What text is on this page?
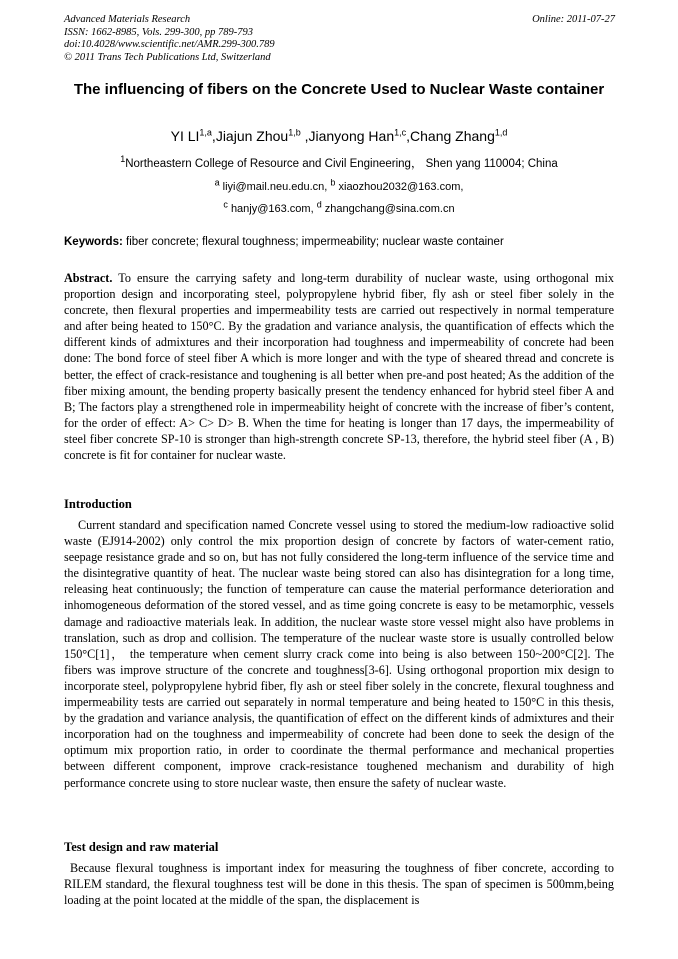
Advanced Materials Research
ISSN: 1662-8985, Vols. 299-300, pp 789-793
doi:10.4028/www.scientific.net/AMR.299-300.789
© 2011 Trans Tech Publications Ltd, Switzerland
Online: 2011-07-27
The influencing of fibers on the Concrete Used to Nuclear Waste container
YI LI$^{1,a}$,Jiajun Zhou$^{1,b}$ ,Jianyong Han$^{1,c}$,Chang Zhang$^{1,d}$
$^1$Northeastern College of Resource and Civil Engineering， Shen yang 110004; China
$^a$ liyi@mail.neu.edu.cn, $^b$ xiaozhou2032@163.com,
$^c$ hanjy@163.com, $^d$ zhangchang@sina.com.cn
Keywords: fiber concrete; flexural toughness; impermeability; nuclear waste container
Abstract. To ensure the carrying safety and long-term durability of nuclear waste, using orthogonal mix proportion design and incorporating steel, polypropylene hybrid fiber, fly ash or steel fiber solely in the concrete, then flexural properties and impermeability tests are carried out respectively in normal temperature and after being heated to 150°C. By the gradation and variance analysis, the quantification of effects which the different kinds of admixtures and their incorporation had toughness and impermeability of concrete had been done: The bond force of steel fiber A which is more longer and with the type of sheared thread and concrete is better, the effect of crack-resistance and toughening is all better when pre-and post heated; As the addition of the fiber mixing amount, the bending property basically present the tendency enhanced for hybrid steel fiber A and B; The factors play a strengthened role in impermeability height of concrete with the increase of fiber’s content, for the order of effect: A> C> D> B. When the time for heating is longer than 17 days, the impermeability of steel fiber concrete SP-10 is stronger than high-strength concrete SP-13, therefore, the hybrid steel fiber (A , B) concrete is fit for container for nuclear waste.
Introduction
Current standard and specification named Concrete vessel using to stored the medium-low radioactive solid waste (EJ914-2002) only control the mix proportion design of concrete by factors of water-cement ratio, seepage resistance grade and so on, but has not fully considered the long-term influence of the service time and the disintegrative quantity of heat. The nuclear waste being stored can also has disintegration for a long time, releasing heat continuously; the function of temperature can cause the material performance deterioration and inhomogeneous deformation of the stored vessel, and as time going concrete is easy to be metamorphic, vessels damage and radioactive materials leak. In addition, the nuclear waste store vessel might also have problems in translation, such as drop and collision. The temperature of the nuclear waste store is usually controlled below 150°C[1]， the temperature when cement slurry crack come into being is also between 150~200°C[2]. The fibers was improve structure of the concrete and toughness[3-6]. Using orthogonal proportion mix design to incorporate steel, polypropylene hybrid fiber, fly ash or steel fiber solely in the concrete, flexural toughness and impermeability tests are carried out separately in normal temperature and being heated to 150°C in this thesis, by the gradation and variance analysis, the quantification of effect on the different kinds of admixtures and their incorporation had on the toughness and impermeability of concrete had been done to seek the design of the optimum mix proportion ratio, in order to coordinate the thermal performance and mechanical properties between different component, improve crack-resistance toughened mechanism and durability of high performance concrete using to store nuclear waste, then ensure the safety of nuclear waste.
Test design and raw material
Because flexural toughness is important index for measuring the toughness of fiber concrete, according to RILEM standard, the flexural toughness test will be done in this thesis. The span of specimen is 500mm,being loading at the point located at the middle of the span, the displacement is
